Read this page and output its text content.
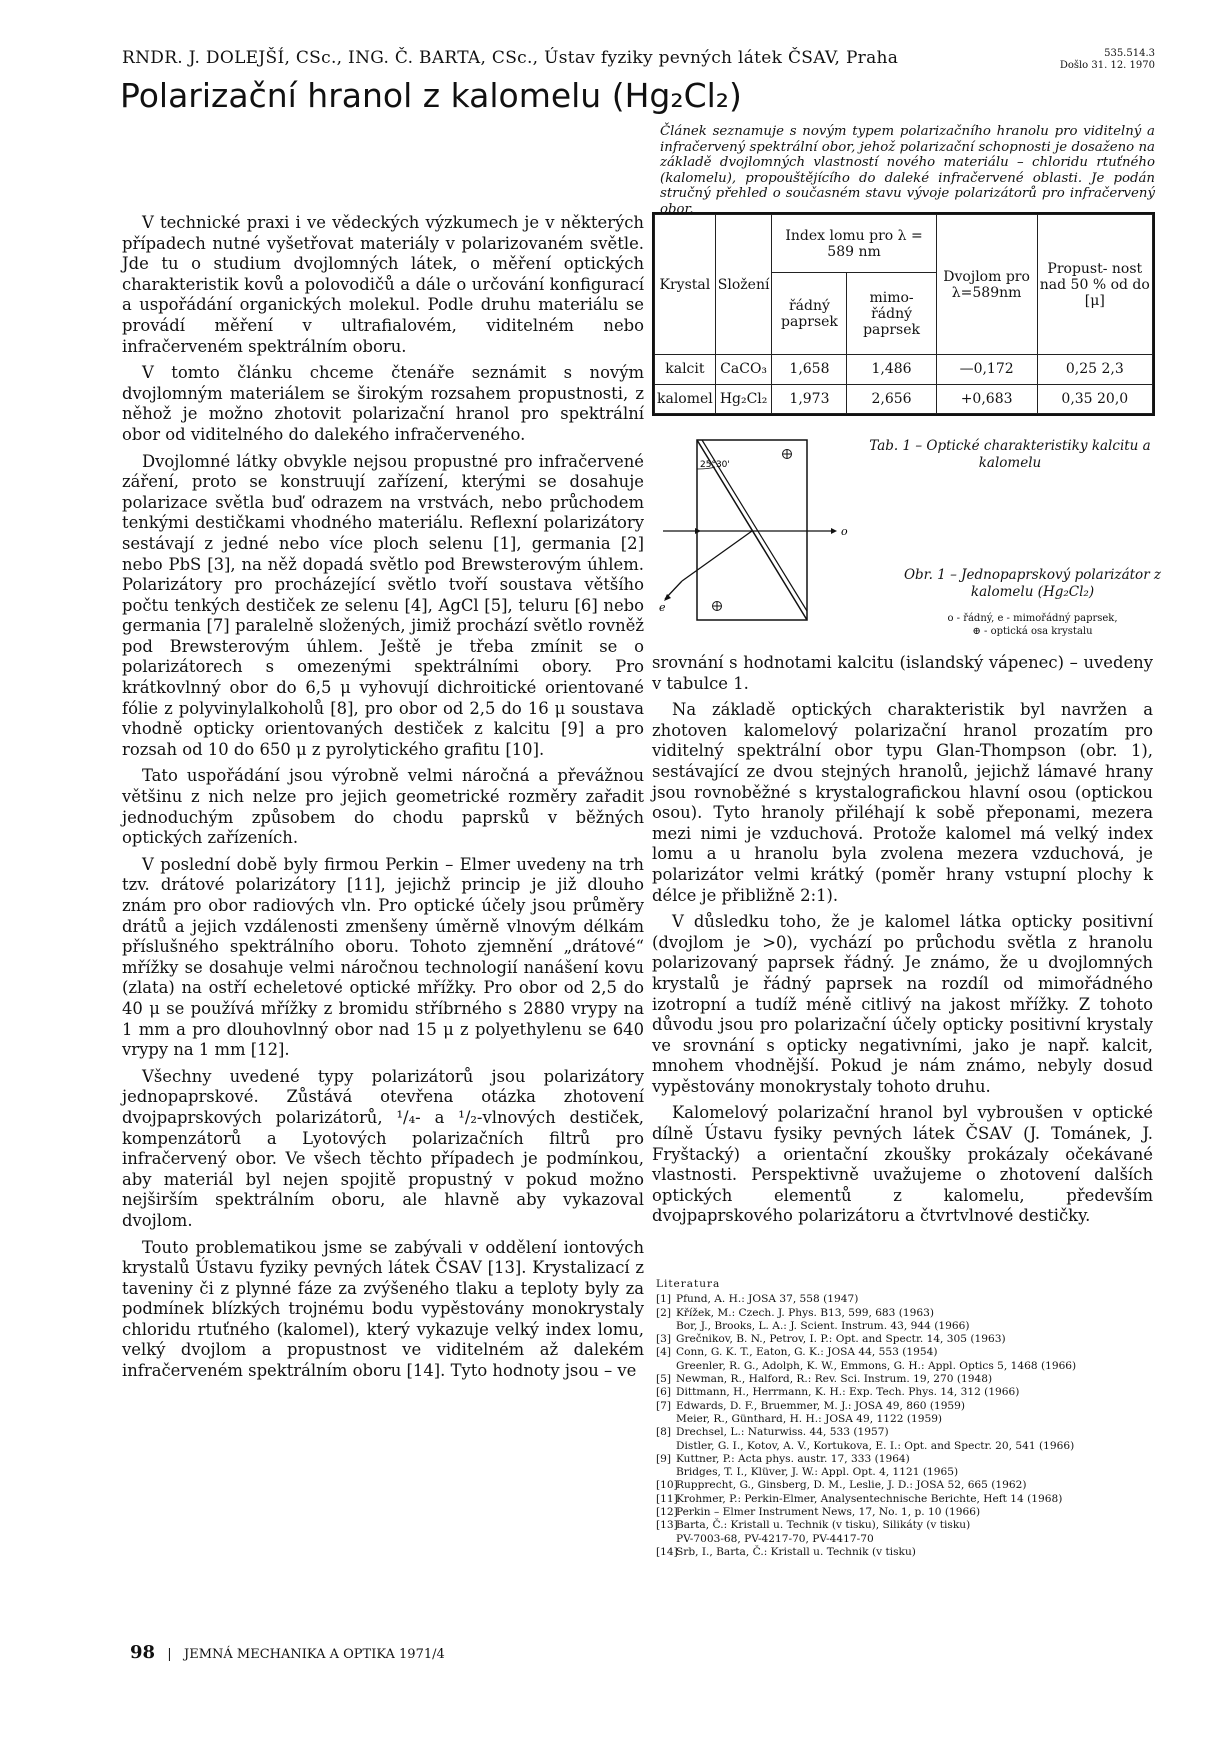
RNDR. J. DOLEJŠÍ, CSc., ING. Č. BARTA, CSc., Ústav fyziky pevných látek ČSAV, Praha	535.514.3
Došlo 31. 12. 1970
Polarizační hranol z kalomelu (Hg₂Cl₂)
Článek seznamuje s novým typem polarizačního hranolu pro viditelný a infračervený spektrální obor, jehož polarizační schopnosti je dosaženo na základě dvojlomných vlastností nového materiálu – chloridu rtuťného (kalomelu), propouštějícího do daleké infračervené oblasti. Je podán stručný přehled o současném stavu vývoje polarizátorů pro infračervený obor.

V technické praxi i ve vědeckých výzkumech je v některých případech nutné vyšetřovat materiály v polarizovaném světle. Jde tu o studium dvojlomných látek, o měření optických charakteristik kovů a polovodičů a dále o určování konfigurací a uspořádání organických molekul. Podle druhu materiálu se provádí měření v ultrafialovém, viditelném nebo infračerveném spektrálním oboru.

V tomto článku chceme čtenáře seznámit s novým dvojlomným materiálem se širokým rozsahem propustnosti, z něhož je možno zhotovit polarizační hranol pro spektrální obor od viditelného do dalekého infračerveného.

Dvojlomné látky obvykle nejsou propustné pro infračervené záření, proto se konstruují zařízení, kterými se dosahuje polarizace světla buď odrazem na vrstvách, nebo průchodem tenkými destičkami vhodného materiálu. Reflexní polarizátory sestávají z jedné nebo více ploch selenu [1], germania [2] nebo PbS [3], na něž dopadá světlo pod Brewsterovým úhlem. Polarizátory pro procházející světlo tvoří soustava většího počtu tenkých destiček ze selenu [4], AgCl [5], teluru [6] nebo germania [7] paralelně složených, jimiž prochází světlo rovněž pod Brewsterovým úhlem. Ještě je třeba zmínit se o polarizátorech s omezenými spektrálními obory. Pro krátkovlnný obor do 6,5 μ vyhovují dichroitické orientované fólie z polyvinylalkoholů [8], pro obor od 2,5 do 16 μ soustava vhodně opticky orientovaných destiček z kalcitu [9] a pro rozsah od 10 do 650 μ z pyrolytického grafitu [10].

Tato uspořádání jsou výrobně velmi náročná a převážnou většinu z nich nelze pro jejich geometrické rozměry zařadit jednoduchým způsobem do chodu paprsků v běžných optických zařízeních.

V poslední době byly firmou Perkin – Elmer uvedeny na trh tzv. drátové polarizátory [11], jejichž princip je již dlouho znám pro obor radiových vln. Pro optické účely jsou průměry drátů a jejich vzdálenosti zmenšeny úměrně vlnovým délkám příslušného spektrálního oboru. Tohoto zjemnění „drátové“ mřížky se dosahuje velmi náročnou technologií nanášení kovu (zlata) na ostří echeletové optické mřížky. Pro obor od 2,5 do 40 μ se používá mřížky z bromidu stříbrného s 2880 vrypy na 1 mm a pro dlouhovlnný obor nad 15 μ z polyethylenu se 640 vrypy na 1 mm [12].

Všechny uvedené typy polarizátorů jsou polarizátory jednopaprskové. Zůstává otevřena otázka zhotovení dvojpaprskových polarizátorů, ¹/₄- a ¹/₂-vlnových destiček, kompenzátorů a Lyotových polarizačních filtrů pro infračervený obor. Ve všech těchto případech je podmínkou, aby materiál byl nejen spojitě propustný v pokud možno nejširším spektrálním oboru, ale hlavně aby vykazoval dvojlom.

Touto problematikou jsme se zabývali v oddělení iontových krystalů Ústavu fyziky pevných látek ČSAV [13]. Krystalizací z taveniny či z plynné fáze za zvýšeného tlaku a teploty byly za podmínek blízkých trojnému bodu vypěstovány monokrystaly chloridu rtuťného (kalomel), který vykazuje velký index lomu, velký dvojlom a propustnost ve viditelném až dalekém infračerveném spektrálním oboru [14]. Tyto hodnoty jsou – ve

Krystal	Složení	Index lomu pro λ = 589 nm		Dvojlom pro λ=589nm	Propust- nost nad 50 % od do [μ]
		řádný paprsek	mimo- řádný paprsek		
kalcit	CaCO₃	1,658	1,486	—0,172	0,25 2,3
kalomel	Hg₂Cl₂	1,973	2,656	+0,683	0,35 20,0
Tab. 1 – Optické charakteristiky kalcitu a kalomelu
25°30'
o
e
Obr. 1 – Jednopaprskový polarizátor z kalomelu (Hg₂Cl₂)
o - řádný, e - mimořádný paprsek,
⊕ - optická osa krystalu

srovnání s hodnotami kalcitu (islandský vápenec) – uvedeny v tabulce 1.

Na základě optických charakteristik byl navržen a zhotoven kalomelový polarizační hranol prozatím pro viditelný spektrální obor typu Glan-Thompson (obr. 1), sestávající ze dvou stejných hranolů, jejichž lámavé hrany jsou rovnoběžné s krystalografickou hlavní osou (optickou osou). Tyto hranoly přiléhají k sobě přeponami, mezera mezi nimi je vzduchová. Protože kalomel má velký index lomu a u hranolu byla zvolena mezera vzduchová, je polarizátor velmi krátký (poměr hrany vstupní plochy k délce je přibližně 2:1).

V důsledku toho, že je kalomel látka opticky positivní (dvojlom je >0), vychází po průchodu světla z hranolu polarizovaný paprsek řádný. Je známo, že u dvojlomných krystalů je řádný paprsek na rozdíl od mimořádného izotropní a tudíž méně citlivý na jakost mřížky. Z tohoto důvodu jsou pro polarizační účely opticky positivní krystaly ve srovnání s opticky negativními, jako je např. kalcit, mnohem vhodnější. Pokud je nám známo, nebyly dosud vypěstovány monokrystaly tohoto druhu.

Kalomelový polarizační hranol byl vybroušen v optické dílně Ústavu fysiky pevných látek ČSAV (J. Tománek, J. Fryštacký) a orientační zkoušky prokázaly očekávané vlastnosti. Perspektivně uvažujeme o zhotovení dalších optických elementů z kalomelu, především dvojpaprskového polarizátoru a čtvrtvlnové destičky.

Literatura
[1] Pfund, A. H.: JOSA 37, 558 (1947)
[2] Křížek, M.: Czech. J. Phys. B13, 599, 683 (1963)
Bor, J., Brooks, L. A.: J. Scient. Instrum. 43, 944 (1966)
[3] Grečnikov, B. N., Petrov, I. P.: Opt. and Spectr. 14, 305 (1963)
[4] Conn, G. K. T., Eaton, G. K.: JOSA 44, 553 (1954)
Greenler, R. G., Adolph, K. W., Emmons, G. H.: Appl. Optics 5, 1468 (1966)
[5] Newman, R., Halford, R.: Rev. Sci. Instrum. 19, 270 (1948)
[6] Dittmann, H., Herrmann, K. H.: Exp. Tech. Phys. 14, 312 (1966)
[7] Edwards, D. F., Bruemmer, M. J.: JOSA 49, 860 (1959)
Meier, R., Günthard, H. H.: JOSA 49, 1122 (1959)
[8] Drechsel, L.: Naturwiss. 44, 533 (1957)
Distler, G. I., Kotov, A. V., Kortukova, E. I.: Opt. and Spectr. 20, 541 (1966)
[9] Kuttner, P.: Acta phys. austr. 17, 333 (1964)
Bridges, T. I., Klüver, J. W.: Appl. Opt. 4, 1121 (1965)
[10]
Rupprecht, G., Ginsberg, D. M., Leslie, J. D.: JOSA 52, 665 (1962)
[11]
Krohmer, P.: Perkin-Elmer, Analysentechnische Berichte, Heft 14 (1968)
[12]
Perkin – Elmer Instrument News, 17, No. 1, p. 10 (1966)
[13]
Barta, Č.: Kristall u. Technik (v tisku), Silikáty (v tisku)
PV-7003-68, PV-4217-70, PV-4417-70
[14]
Srb, I., Barta, Č.: Kristall u. Technik (v tisku)
98 |   JEMNÁ MECHANIKA A OPTIKA 1971/4
